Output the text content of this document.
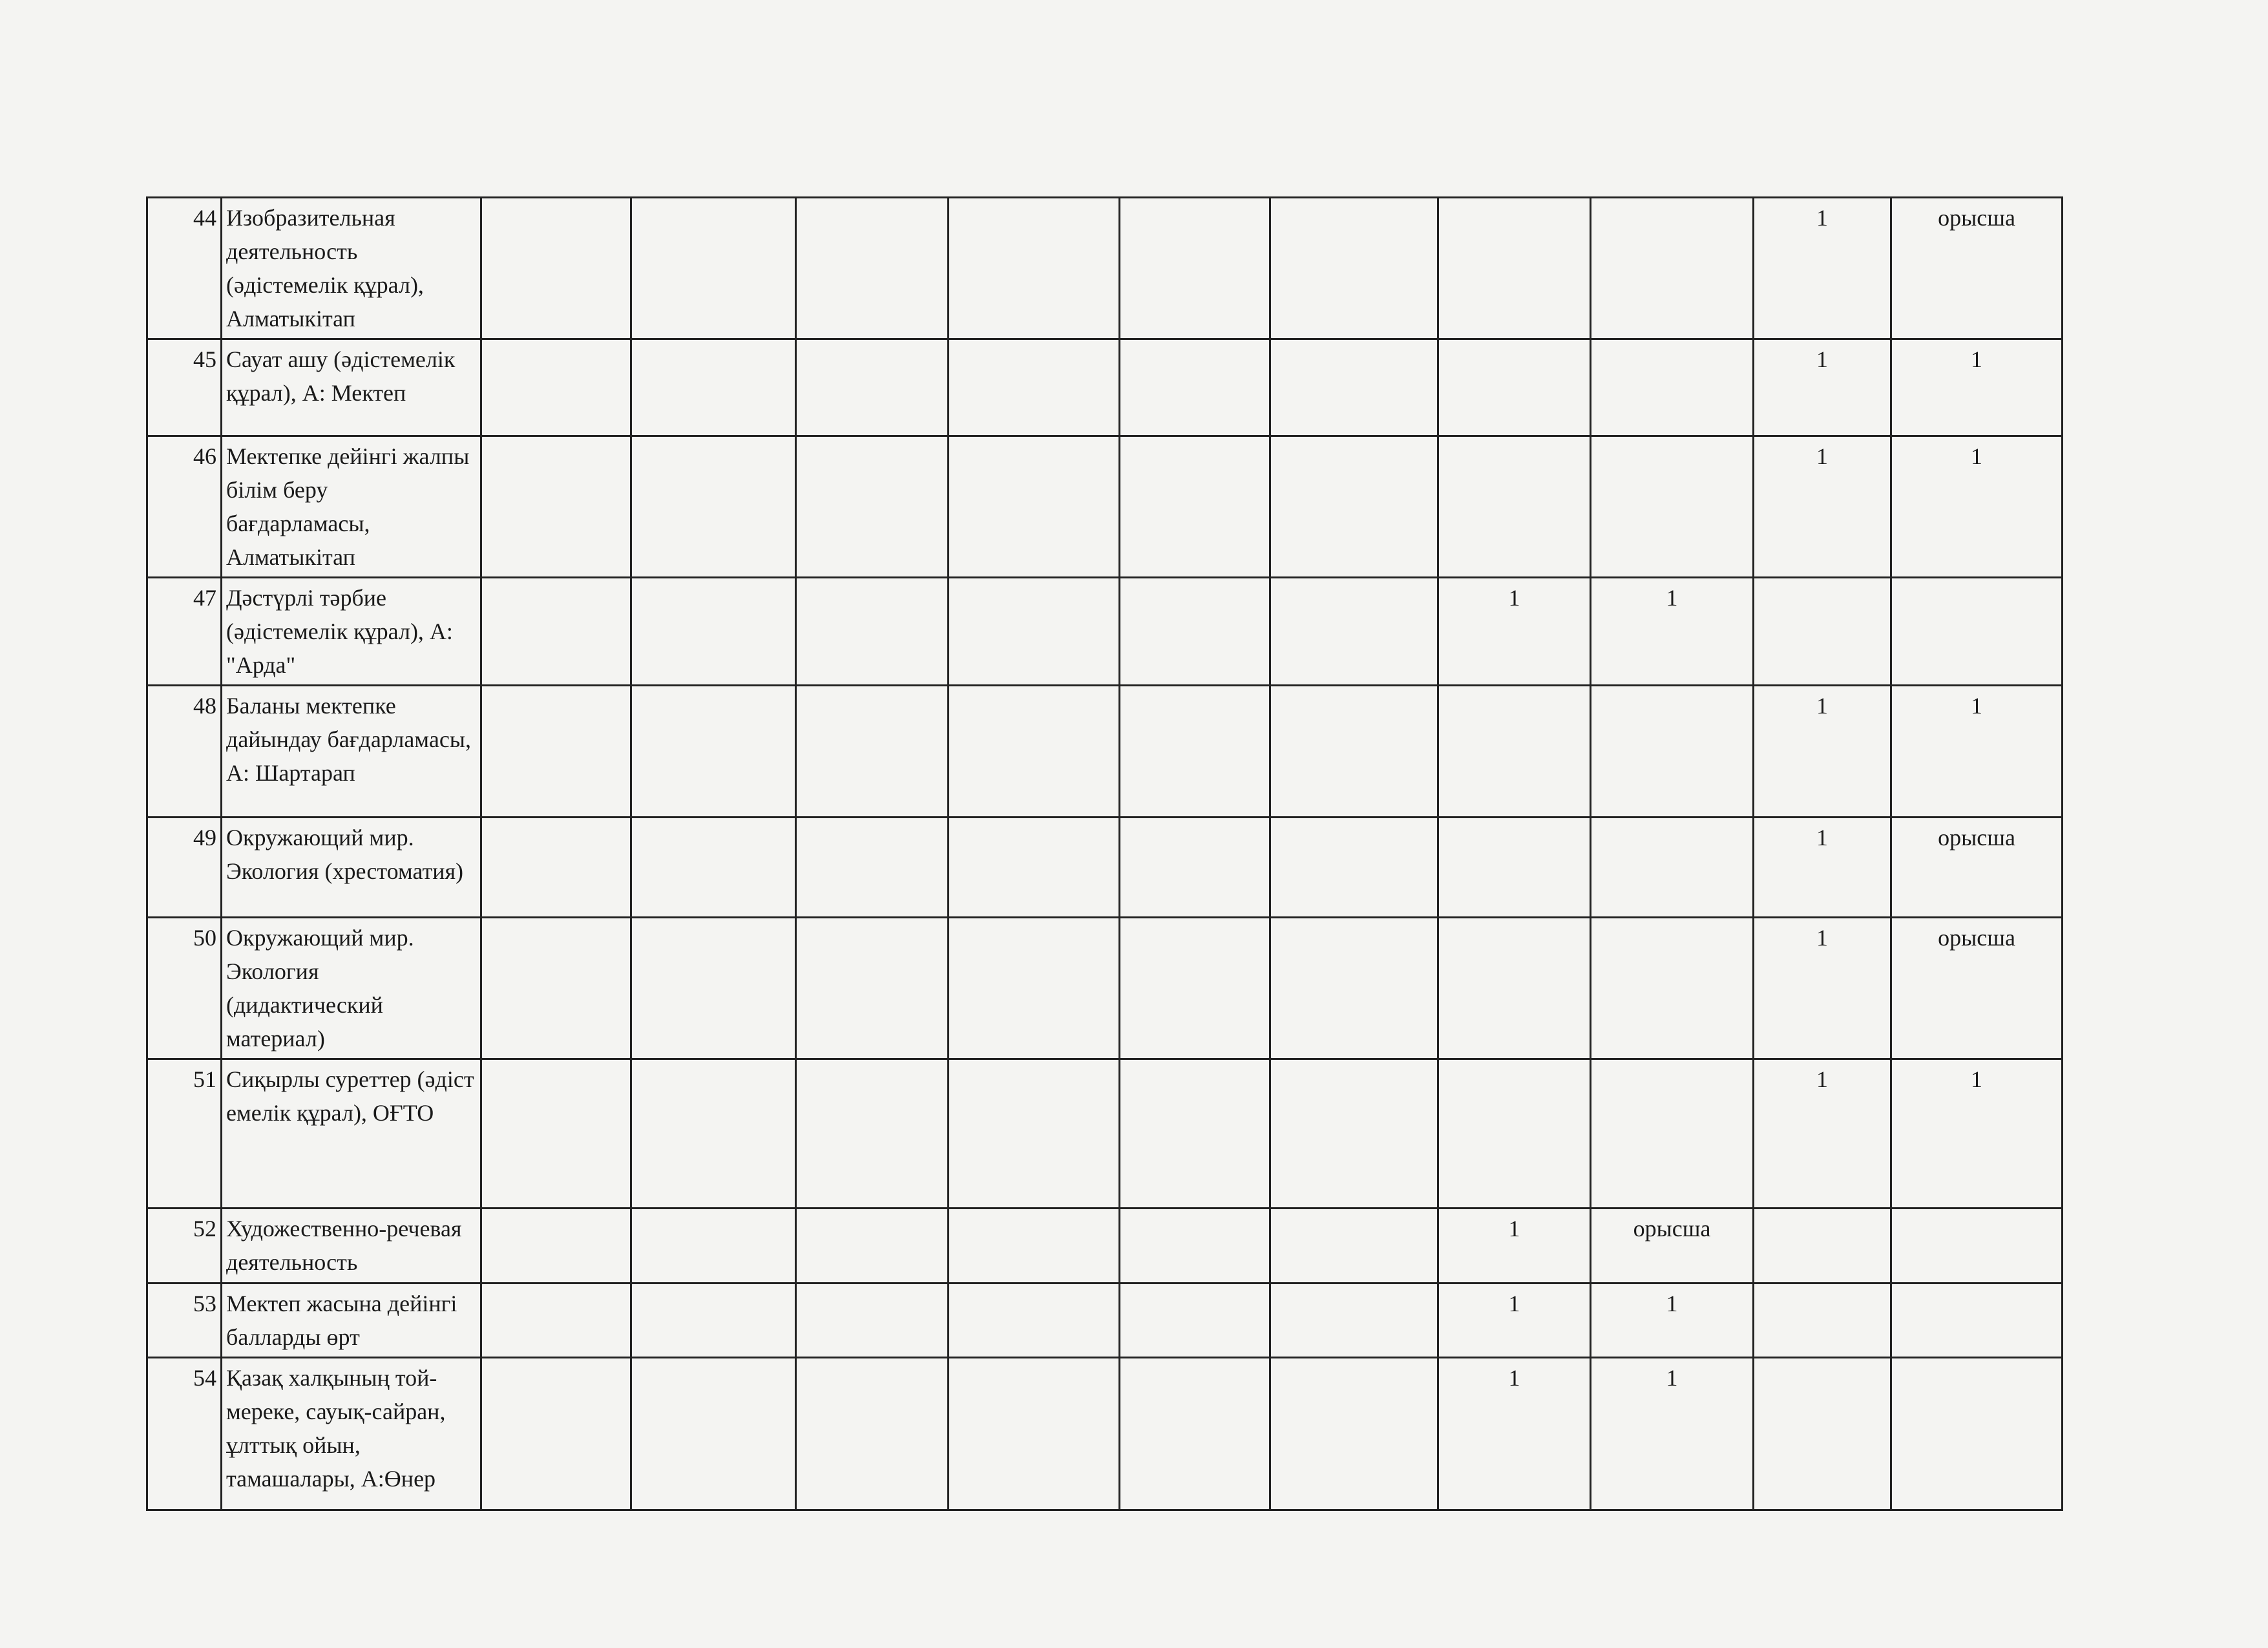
44	Изобразительная деятельность (әдістемелік құрал), Алматыкітап									1	орысша
45	Сауат ашу (әдістемелік құрал), А: Мектеп									1	1
46	Мектепке дейінгі жалпы білім беру бағдарламасы, Алматыкітап									1	1
47	Дәстүрлі тәрбие (әдістемелік құрал), А: "Арда"							1	1		
48	Баланы мектепке дайындау бағдарламасы, А: Шартарап									1	1
49	Окружающий мир. Экология (хрестоматия)									1	орысша
50	Окружающий мир. Экология (дидактический материал)									1	орысша
51	Сиқырлы суреттер (әдіст емелік құрал), ОҒТО									1	1
52	Художественно-речевая деятельность							1	орысша		
53	Мектеп жасына дейінгі балларды өрт							1	1		
54	Қазақ халқының той-мереке, сауық-сайран, ұлттық ойын, тамашалары, А:Өнер							1	1		
